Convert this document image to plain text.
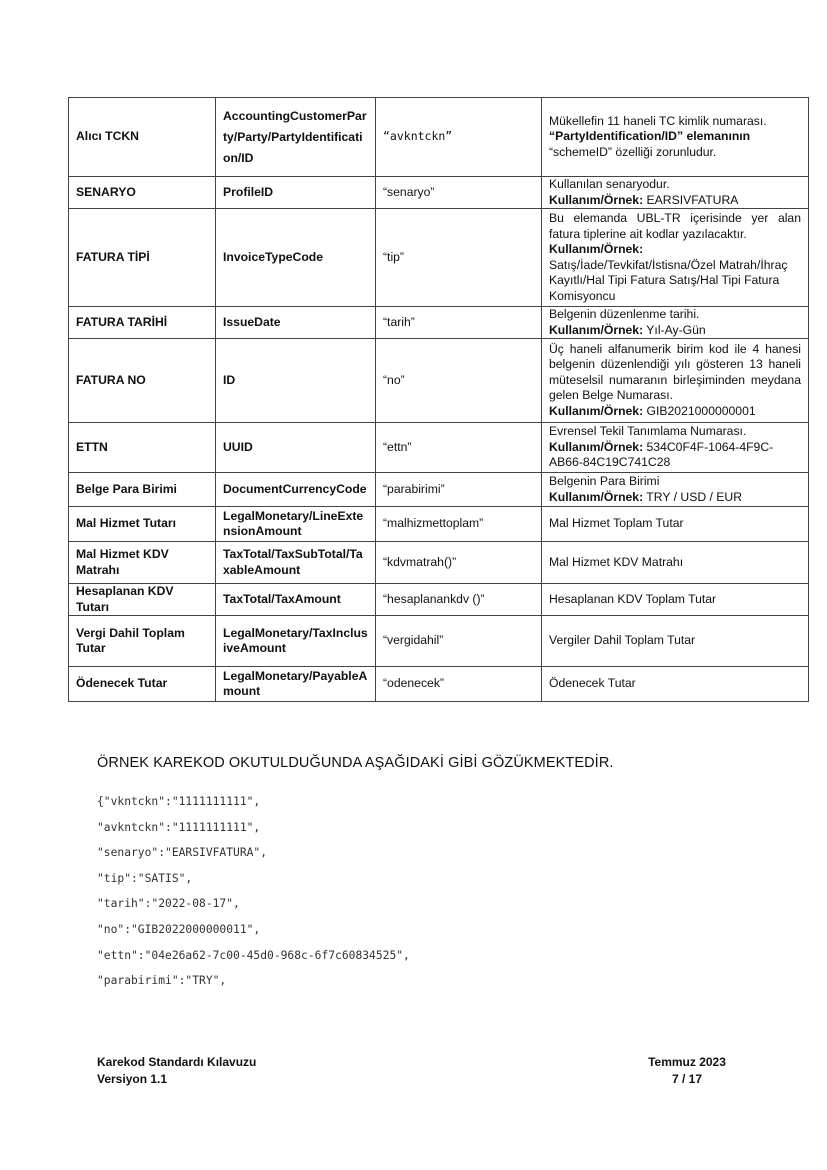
Alıcı TCKN	AccountingCustomerParty/Party/PartyIdentification/ID	“avkntckn”	Mükellefin 11 haneli TC kimlik numarası.
“PartyIdentification/ID” elemanının
“schemeID” özelliği zorunludur.

SENARYO	ProfileID	“senaryo”	Kullanılan senaryodur.
Kullanım/Örnek: EARSIVFATURA

FATURA TİPİ	InvoiceTypeCode	“tip”	Bu elemanda UBL-TR içerisinde yer alan fatura tiplerine ait kodlar yazılacaktır.
Kullanım/Örnek:
Satış/İade/Tevkifat/İstisna/Özel Matrah/İhraç Kayıtlı/Hal Tipi Fatura Satış/Hal Tipi Fatura Komisyoncu

FATURA TARİHİ	IssueDate	“tarih”	Belgenin düzenlenme tarihi.
Kullanım/Örnek: Yıl-Ay-Gün

FATURA NO	ID	“no”	Üç haneli alfanumerik birim kod ile 4 hanesi belgenin düzenlendiği yılı gösteren 13 haneli müteselsil numaranın birleşiminden meydana gelen Belge Numarası.
Kullanım/Örnek: GIB2021000000001

ETTN	UUID	“ettn”	Evrensel Tekil Tanımlama Numarası.
Kullanım/Örnek: 534C0F4F-1064-4F9C-AB66-84C19C741C28

Belge Para Birimi	DocumentCurrencyCode	“parabirimi”	Belgenin Para Birimi
Kullanım/Örnek: TRY / USD / EUR

Mal Hizmet Tutarı	LegalMonetary/LineExtensionAmount	“malhizmettoplam”	Mal Hizmet Toplam Tutar

Mal Hizmet KDV Matrahı	TaxTotal/TaxSubTotal/TaxableAmount	“kdvmatrah()”	Mal Hizmet KDV Matrahı

Hesaplanan KDV Tutarı	TaxTotal/TaxAmount	“hesaplanankdv ()”	Hesaplanan KDV Toplam Tutar

Vergi Dahil Toplam Tutar	LegalMonetary/TaxInclusiveAmount	“vergidahil”	Vergiler Dahil Toplam Tutar

Ödenecek Tutar	LegalMonetary/PayableAmount	“odenecek”	Ödenecek Tutar
ÖRNEK KAREKOD OKUTULDUĞUNDA AŞAĞIDAKİ GİBİ GÖZÜKMEKTEDİR.
{"vkntckn":"1111111111",
"avkntckn":"1111111111",
"senaryo":"EARSIVFATURA",
"tip":"SATIS",
"tarih":"2022-08-17",
"no":"GIB2022000000011",
"ettn":"04e26a62-7c00-45d0-968c-6f7c60834525",
"parabirimi":"TRY",
Karekod Standardı Kılavuzu
Versiyon 1.1
Temmuz 2023
7 / 17
